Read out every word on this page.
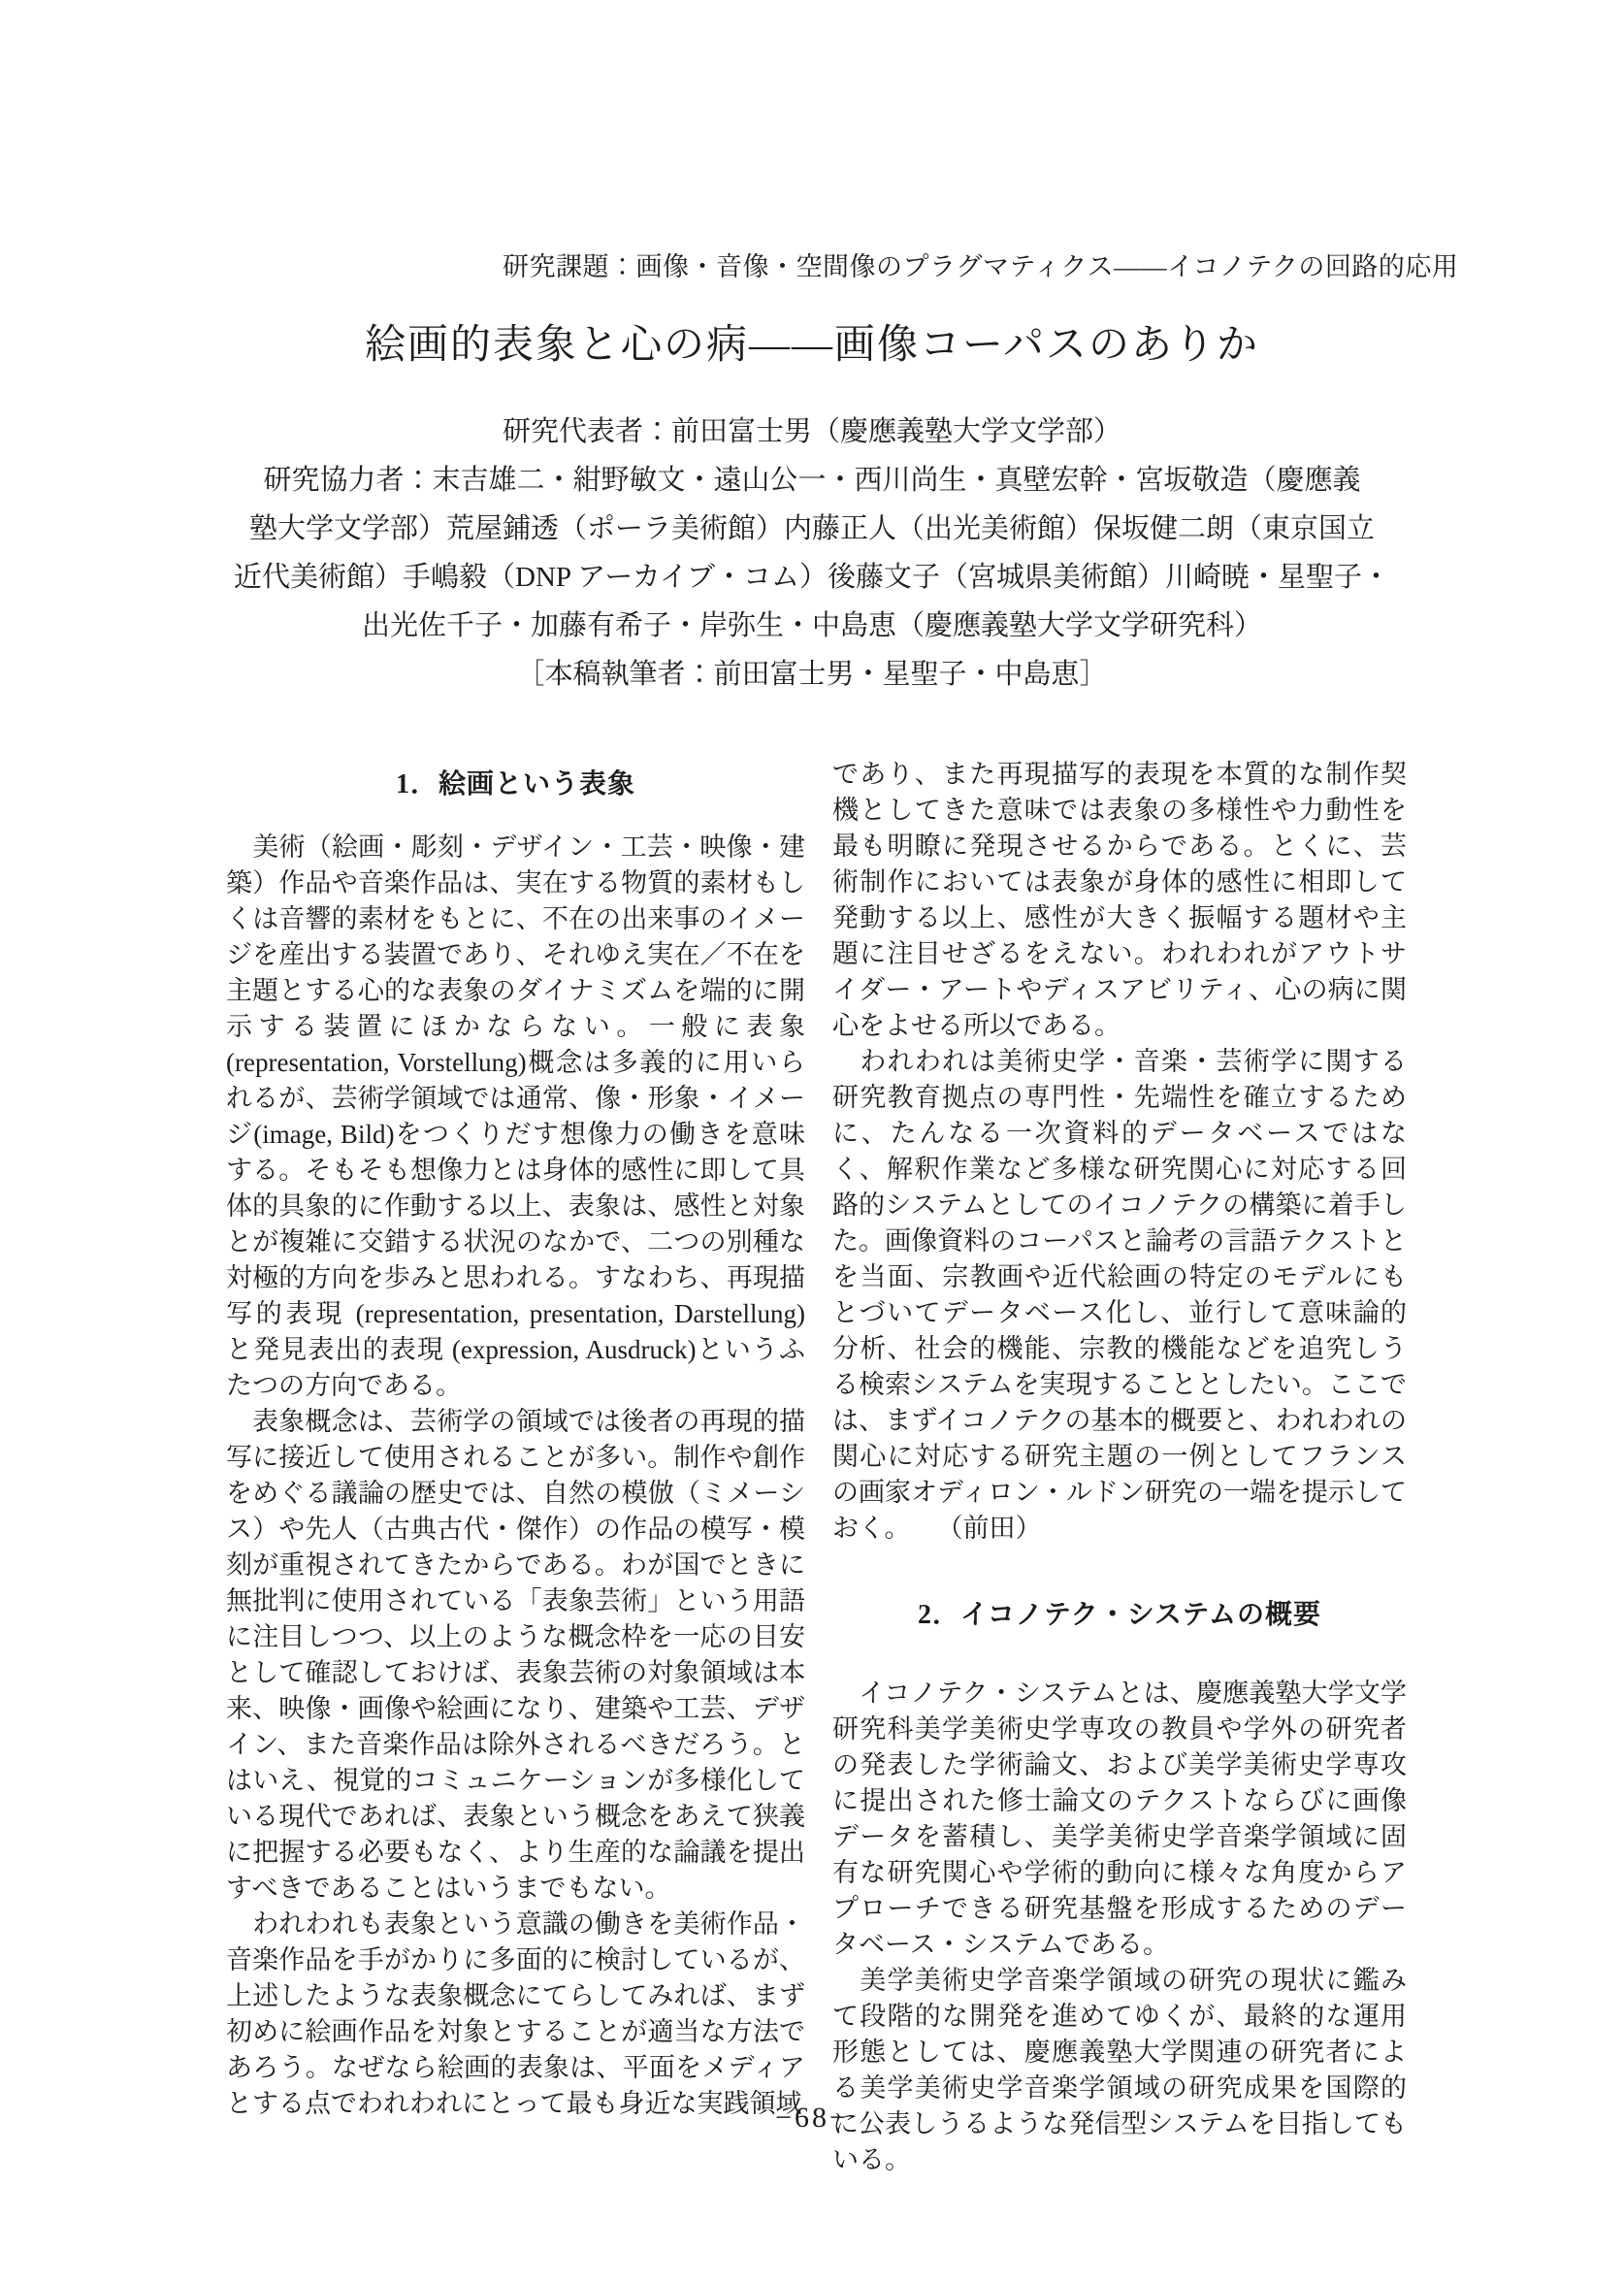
研究課題：画像・音像・空間像のプラグマティクス――イコノテクの回路的応用
絵画的表象と心の病――画像コーパスのありか
研究代表者：前田富士男（慶應義塾大学文学部）
研究協力者：末吉雄二・紺野敏文・遠山公一・西川尚生・真壁宏幹・宮坂敬造（慶應義
塾大学文学部）荒屋鋪透（ポーラ美術館）内藤正人（出光美術館）保坂健二朗（東京国立
近代美術館）手嶋毅（DNP アーカイブ・コム）後藤文子（宮城県美術館）川崎暁・星聖子・
出光佐千子・加藤有希子・岸弥生・中島恵（慶應義塾大学文学研究科）
［本稿執筆者：前田富士男・星聖子・中島恵］
1．絵画という表象

　美術（絵画・彫刻・デザイン・工芸・映像・建築）作品や音楽作品は、実在する物質的素材もしくは音響的素材をもとに、不在の出来事のイメージを産出する装置であり、それゆえ実在／不在を主題とする心的な表象のダイナミズムを端的に開示する装置にほかならない。一般に表象(representation, Vorstellung)概念は多義的に用いられるが、芸術学領域では通常、像・形象・イメージ(image, Bild)をつくりだす想像力の働きを意味する。そもそも想像力とは身体的感性に即して具体的具象的に作動する以上、表象は、感性と対象とが複雑に交錯する状況のなかで、二つの別種な対極的方向を歩みと思われる。すなわち、再現描写的表現 (representation, presentation, Darstellung) と発見表出的表現 (expression, Ausdruck)というふたつの方向である。

　表象概念は、芸術学の領域では後者の再現的描写に接近して使用されることが多い。制作や創作をめぐる議論の歴史では、自然の模倣（ミメーシス）や先人（古典古代・傑作）の作品の模写・模刻が重視されてきたからである。わが国でときに無批判に使用されている「表象芸術」という用語に注目しつつ、以上のような概念枠を一応の目安として確認しておけば、表象芸術の対象領域は本来、映像・画像や絵画になり、建築や工芸、デザイン、また音楽作品は除外されるべきだろう。とはいえ、視覚的コミュニケーションが多様化している現代であれば、表象という概念をあえて狭義に把握する必要もなく、より生産的な論議を提出すべきであることはいうまでもない。

　われわれも表象という意識の働きを美術作品・音楽作品を手がかりに多面的に検討しているが、上述したような表象概念にてらしてみれば、まず初めに絵画作品を対象とすることが適当な方法であろう。なぜなら絵画的表象は、平面をメディアとする点でわれわれにとって最も身近な実践領域

であり、また再現描写的表現を本質的な制作契機としてきた意味では表象の多様性や力動性を最も明瞭に発現させるからである。とくに、芸術制作においては表象が身体的感性に相即して発動する以上、感性が大きく振幅する題材や主題に注目せざるをえない。われわれがアウトサイダー・アートやディスアビリティ、心の病に関心をよせる所以である。

　われわれは美術史学・音楽・芸術学に関する研究教育拠点の専門性・先端性を確立するために、たんなる一次資料的データベースではなく、解釈作業など多様な研究関心に対応する回路的システムとしてのイコノテクの構築に着手した。画像資料のコーパスと論考の言語テクストとを当面、宗教画や近代絵画の特定のモデルにもとづいてデータベース化し、並行して意味論的分析、社会的機能、宗教的機能などを追究しうる検索システムを実現することとしたい。ここでは、まずイコノテクの基本的概要と、われわれの関心に対応する研究主題の一例としてフランスの画家オディロン・ルドン研究の一端を提示しておく。　　（前田）

2．イコノテク・システムの概要

　イコノテク・システムとは、慶應義塾大学文学研究科美学美術史学専攻の教員や学外の研究者の発表した学術論文、および美学美術史学専攻に提出された修士論文のテクストならびに画像データを蓄積し、美学美術史学音楽学領域に固有な研究関心や学術的動向に様々な角度からアプローチできる研究基盤を形成するためのデータベース・システムである。

　美学美術史学音楽学領域の研究の現状に鑑みて段階的な開発を進めてゆくが、最終的な運用形態としては、慶應義塾大学関連の研究者による美学美術史学音楽学領域の研究成果を国際的に公表しうるような発信型システムを目指してもいる。

−68−
